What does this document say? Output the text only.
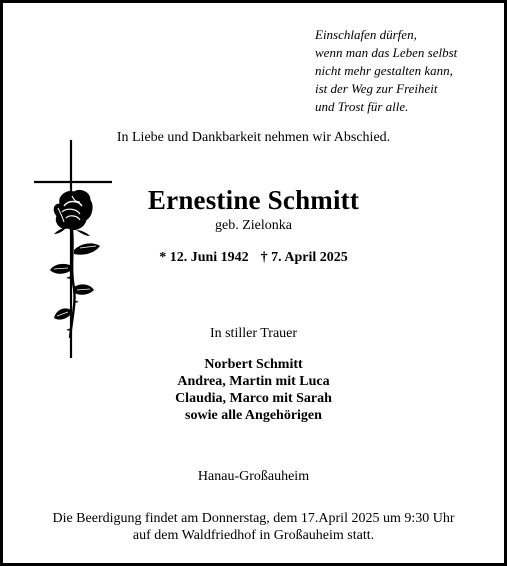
Einschlafen dürfen,
wenn man das Leben selbst
nicht mehr gestalten kann,
ist der Weg zur Freiheit
und Trost für alle.
In Liebe und Dankbarkeit nehmen wir Abschied.
Ernestine Schmitt
geb. Zielonka
* 12. Juni 1942 † 7. April 2025
In stiller Trauer
Norbert Schmitt
Andrea, Martin mit Luca
Claudia, Marco mit Sarah
sowie alle Angehörigen
Hanau-Großauheim
Die Beerdigung findet am Donnerstag, dem 17.April 2025 um 9:30 Uhr
auf dem Waldfriedhof in Großauheim statt.
